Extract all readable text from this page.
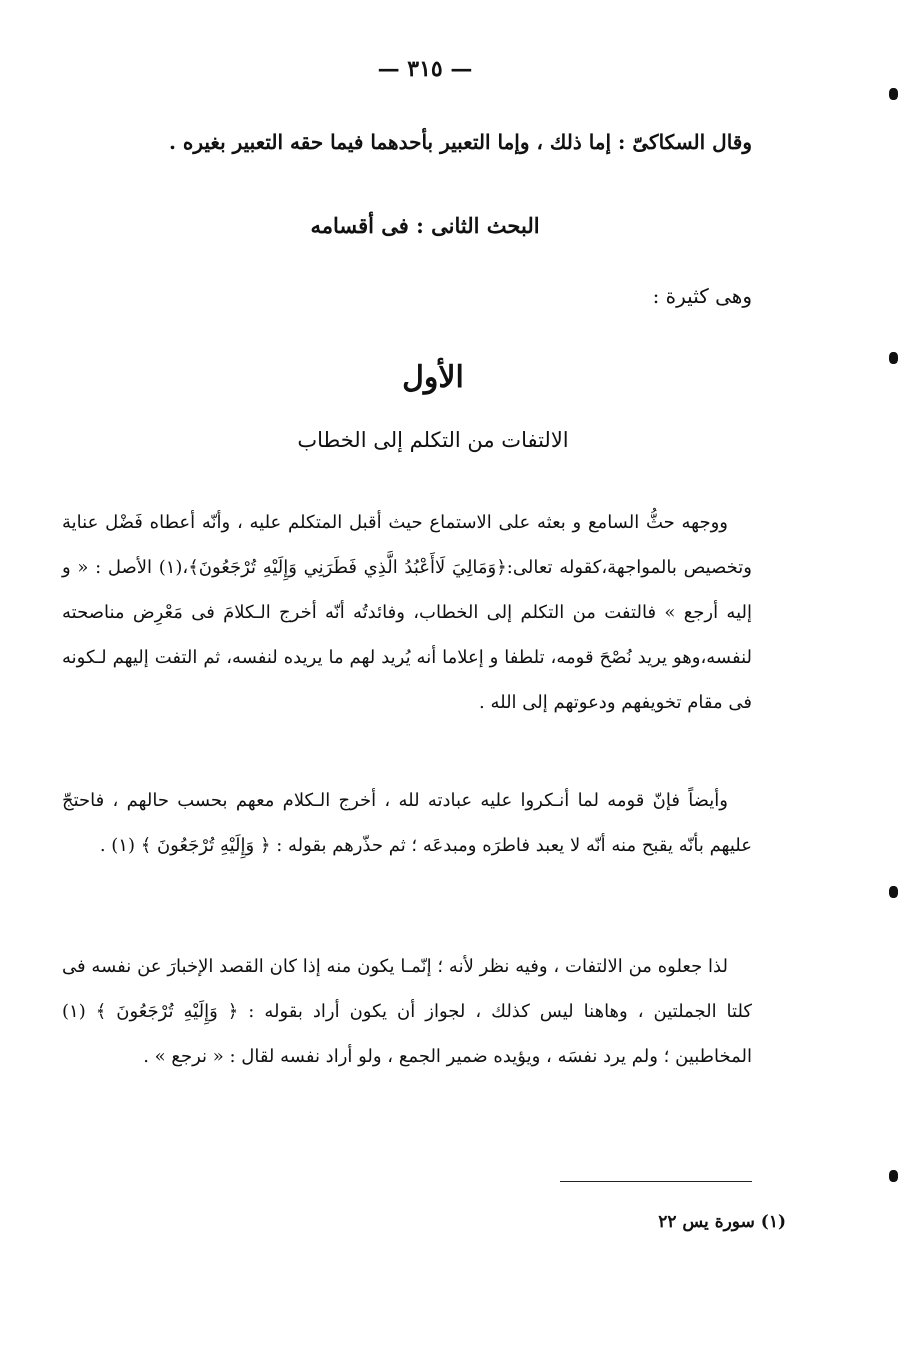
— ٣١٥ —
وقال السكاكىّ : إما ذلك ، وإما التعبير بأحدهما فيما حقه التعبير بغيره .
البحث الثانى : فى أقسامه
وهى كثيرة :
الأول
الالتفات من التكلم إلى الخطاب
ووجهه حثُّ السامع و بعثه على الاستماع حيث أقبل المتكلم عليه ، وأنّه أعطاه فَضْل عناية وتخصيص بالمواجهة،كقوله تعالى:﴿وَمَالِيَ لَاأَعْبُدُ الَّذِي فَطَرَنِي وَإِلَيْهِ تُرْجَعُونَ﴾،(١) الأصل : « و إليه أرجع » فالتفت من التكلم إلى الخطاب، وفائدتُه أنّه أخرج الـكلامَ فى مَعْرِض مناصحته لنفسه،وهو يريد نُصْحَ قومه، تلطفا و إعلاما أنه يُريد لهم ما يريده لنفسه، ثم التفت إليهم لـكونه فى مقام تخويفهم ودعوتهم إلى الله .
وأيضاً فإنّ قومه لما أنـكروا عليه عبادته لله ، أخرج الـكلام معهم بحسب حالهم ، فاحتجّ عليهم بأنّه يقبح منه أنّه لا يعبد فاطرَه ومبدعَه ؛ ثم حذّرهم بقوله : ﴿ وَإِلَيْهِ تُرْجَعُونَ ﴾ (١) .
لذا جعلوه من الالتفات ، وفيه نظر لأنه ؛ إنّمـا يكون منه إذا كان القصد الإخبارَ عن نفسه فى كلتا الجملتين ، وهاهنا ليس كذلك ، لجواز أن يكون أراد بقوله : ﴿ وَإِلَيْهِ تُرْجَعُونَ ﴾ (١) المخاطبين ؛ ولم يرد نفسَه ، ويؤيده ضمير الجمع ، ولو أراد نفسه لقال : « نرجع » .
(١) سورة يس ٢٢
